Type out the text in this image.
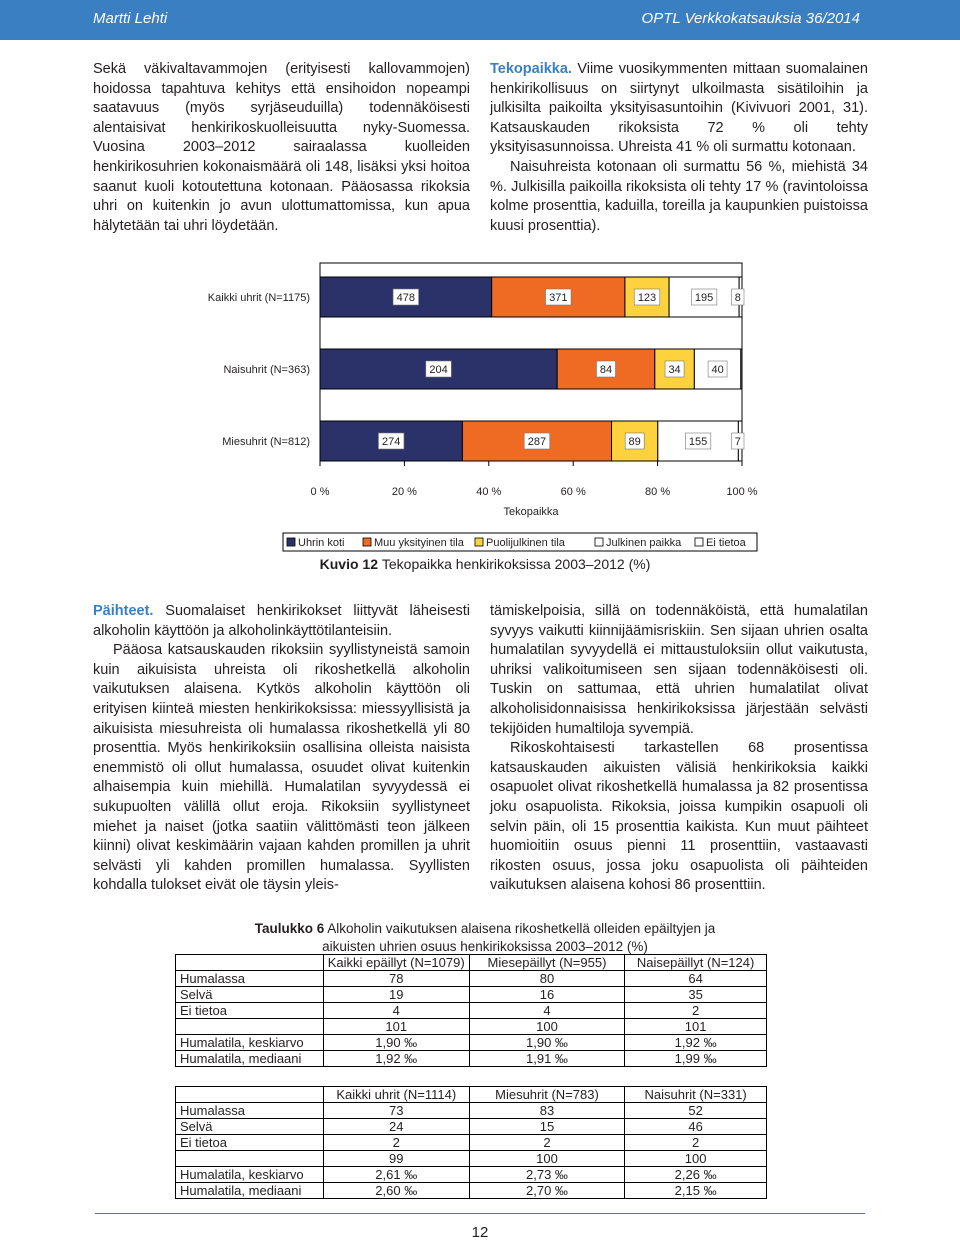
Martti Lehti	OPTL Verkkokatsauksia 36/2014

Sekä väkivaltavammojen (erityisesti kallovammojen) hoidossa tapahtuva kehitys että ensihoidon nopeampi saatavuus (myös syrjäseuduilla) todennäköisesti alentaisivat henkirikoskuolleisuutta nyky-Suomessa. Vuosina 2003–2012 sairaalassa kuolleiden henkirikosuhrien kokonaismäärä oli 148, lisäksi yksi hoitoa saanut kuoli kotoutettuna kotonaan. Pääosassa rikoksia uhri on kuitenkin jo avun ulottumattomissa, kun apua hälytetään tai uhri löydetään.

Tekopaikka. Viime vuosikymmenten mittaan suomalainen henkirikollisuus on siirtynyt ulkoilmasta sisätiloihin ja julkisilta paikoilta yksityisasuntoihin (Kivivuori 2001, 31). Katsauskauden rikoksista 72 % oli tehty yksityisasunnoissa. Uhreista 41 % oli surmattu kotonaan.

Naisuhreista kotonaan oli surmattu 56 %, miehistä 34 %. Julkisilla paikoilla rikoksista oli tehty 17 % (ravintoloissa kolme prosenttia, kaduilla, toreilla ja kaupunkien puistoissa kuusi prosenttia).

Kaikki uhrit (N=1175)	478	371	123	195 8
Naisuhrit (N=363)	204	84	34	40
Miesuhrit (N=812)	274	287	89	155 7
0 %	20 %	40 %	60 %	80 %	100 %
Tekopaikka
Uhrin koti	Muu yksityinen tila Puolijulkinen tila	Julkinen paikka Ei tietoa
Kuvio 12 Tekopaikka henkirikoksissa 2003–2012 (%)

Päihteet. Suomalaiset henkirikokset liittyvät läheisesti alkoholin käyttöön ja alkoholinkäyttötilanteisiin.

Pääosa katsauskauden rikoksiin syyllistyneistä samoin kuin aikuisista uhreista oli rikoshetkellä alkoholin vaikutuksen alaisena. Kytkös alkoholin käyttöön oli erityisen kiinteä miesten henkirikoksissa: miessyyllisistä ja aikuisista miesuhreista oli humalassa rikoshetkellä yli 80 prosenttia. Myös henkirikoksiin osallisina olleista naisista enemmistö oli ollut humalassa, osuudet olivat kuitenkin alhaisempia kuin miehillä. Humalatilan syvyydessä ei sukupuolten välillä ollut eroja. Rikoksiin syyllistyneet miehet ja naiset (jotka saatiin välittömästi teon jälkeen kiinni) olivat keskimäärin vajaan kahden promillen ja uhrit selvästi yli kahden promillen humalassa. Syyllisten kohdalla tulokset eivät ole täysin yleis-

tämiskelpoisia, sillä on todennäköistä, että humalatilan syvyys vaikutti kiinnijäämisriskiin. Sen sijaan uhrien osalta humalatilan syvyydellä ei mittaustuloksiin ollut vaikutusta, uhriksi valikoitumiseen sen sijaan todennäköisesti oli. Tuskin on sattumaa, että uhrien humalatilat olivat alkoholisidonnaisissa henkirikoksissa järjestään selvästi tekijöiden humaltiloja syvempiä.

Rikoskohtaisesti tarkastellen 68 prosentissa katsauskauden aikuisten välisiä henkirikoksia kaikki osapuolet olivat rikoshetkellä humalassa ja 82 prosentissa joku osapuolista. Rikoksia, joissa kumpikin osapuoli oli selvin päin, oli 15 prosenttia kaikista. Kun muut päihteet huomioitiin osuus pienni 11 prosenttiin, vastaavasti rikosten osuus, jossa joku osapuolista oli päihteiden vaikutuksen alaisena kohosi 86 prosenttiin.

Taulukko 6 Alkoholin vaikutuksen alaisena rikoshetkellä olleiden epäiltyjen ja
aikuisten uhrien osuus henkirikoksissa 2003–2012 (%)
	Kaikki epäillyt (N=1079)	Miesepäillyt (N=955)	Naisepäillyt (N=124)
Humalassa	78	80	64
Selvä	19	16	35
Ei tietoa	4	4	2
	101	100	101
Humalatila, keskiarvo	1,90 ‰	1,90 ‰	1,92 ‰
Humalatila, mediaani	1,92 ‰	1,91 ‰	1,99 ‰
	Kaikki uhrit (N=1114)	Miesuhrit (N=783)	Naisuhrit (N=331)
Humalassa	73	83	52
Selvä	24	15	46
Ei tietoa	2	2	2
	99	100	100
Humalatila, keskiarvo	2,61 ‰	2,73 ‰	2,26 ‰
Humalatila, mediaani	2,60 ‰	2,70 ‰	2,15 ‰
12
